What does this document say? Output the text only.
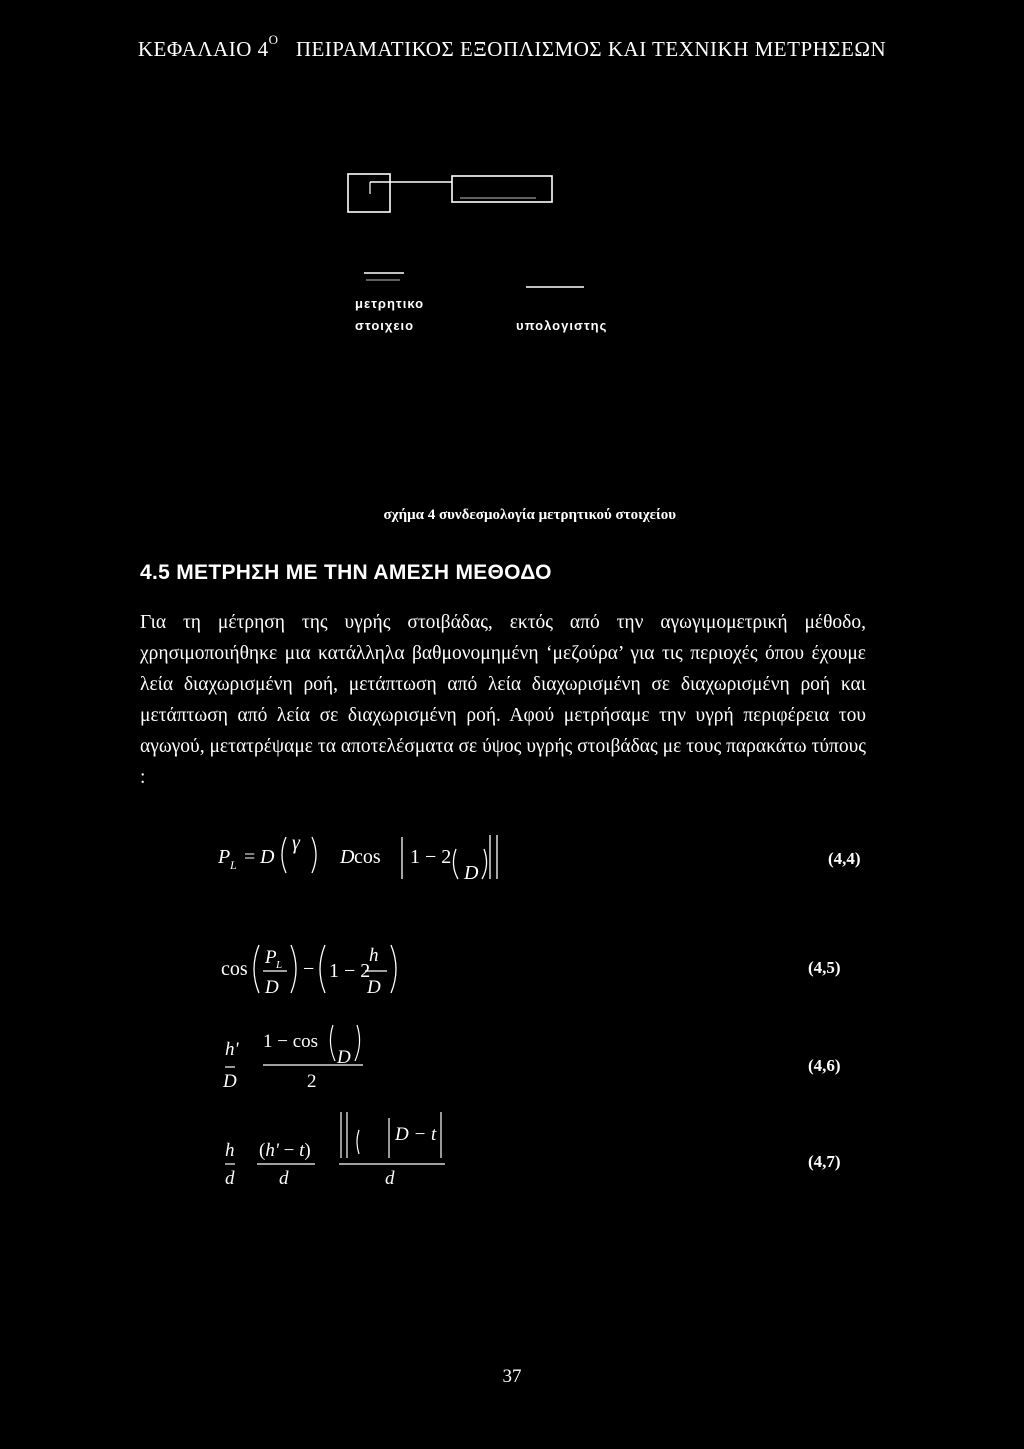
ΚΕΦΑΛΑΙΟ $4^O$ ΠΕΙΡΑΜΑΤΙΚΟΣ ΕΞΟΠΛΙΣΜΟΣ ΚΑΙ ΤΕΧΝΙΚΗ ΜΕΤΡΗΣΕΩΝ
μετρητικο
στοιχειο	υπολογιστης
σχήμα 4 συνδεσμολογία μετρητικού στοιχείου
4.5 ΜΕΤΡΗΣΗ ΜΕ ΤΗΝ ΑΜΕΣΗ ΜΕΘΟΔΟ
Για τη μέτρηση της υγρής στοιβάδας, εκτός από την αγωγιμομετρική μέθοδο, χρησιμοποιήθηκε μια κατάλληλα βαθμονομημένη ‘μεζούρα’ για τις περιοχές όπου έχουμε λεία διαχωρισμένη ροή, μετάπτωση από λεία διαχωρισμένη σε διαχωρισμένη ροή και μετάπτωση από λεία σε διαχωρισμένη ροή. Αφού μετρήσαμε την υγρή περιφέρεια του αγωγού, μετατρέψαμε τα αποτελέσματα σε ύψος υγρής στοιβάδας με τους παρακάτω τύπους :
P L = D
γ
D cos 1 − 2
D
(4,4)
cos
P L
D
− 1 − 2
h
D
(4,5)
h'
D
1 − cos
D
2
(4,6)
h
d
(h' − t)
d
D − t
d
(4,7)
37
